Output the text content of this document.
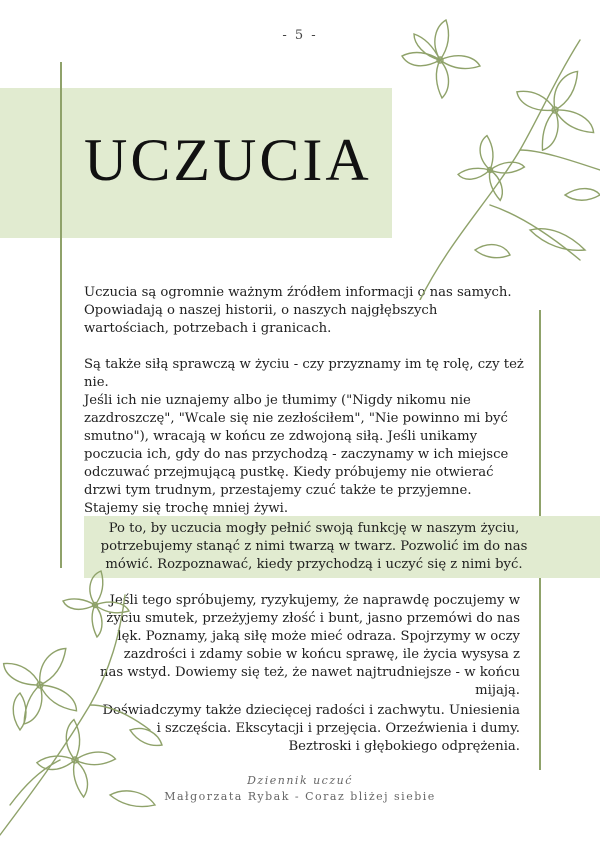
- 5 -
UCZUCIA

Uczucia są ogromnie ważnym źródłem informacji o nas samych. Opowiadają o naszej historii, o naszych najgłębszych wartościach, potrzebach i granicach.

Są także siłą sprawczą w życiu - czy przyznamy im tę rolę, czy też nie.

Jeśli ich nie uznajemy albo je tłumimy ("Nigdy nikomu nie zazdroszczę", "Wcale się nie zezłościłem", "Nie powinno mi być smutno"), wracają w końcu ze zdwojoną siłą. Jeśli unikamy poczucia ich, gdy do nas przychodzą - zaczynamy w ich miejsce odczuwać przejmującą pustkę. Kiedy próbujemy nie otwierać drzwi tym trudnym, przestajemy czuć także te przyjemne. Stajemy się trochę mniej żywi.

Po to, by uczucia mogły pełnić swoją funkcję w naszym życiu, potrzebujemy stanąć z nimi twarzą w twarz. Pozwolić im do nas mówić. Rozpoznawać, kiedy przychodzą i uczyć się z nimi być.
Jeśli tego spróbujemy, ryzykujemy, że naprawdę poczujemy w życiu smutek, przeżyjemy złość i bunt, jasno przemówi do nas lęk. Poznamy, jaką siłę może mieć odraza. Spojrzymy w oczy zazdrości i zdamy sobie w końcu sprawę, ile życia wysysa z nas wstyd. Dowiemy się też, że nawet najtrudniejsze - w końcu mijają.
Doświadczymy także dziecięcej radości i zachwytu. Uniesienia i szczęścia. Ekscytacji i przejęcia. Orzeźwienia i dumy. Beztroski i głębokiego odprężenia.
Dziennik uczuć
Małgorzata Rybak - Coraz bliżej siebie
